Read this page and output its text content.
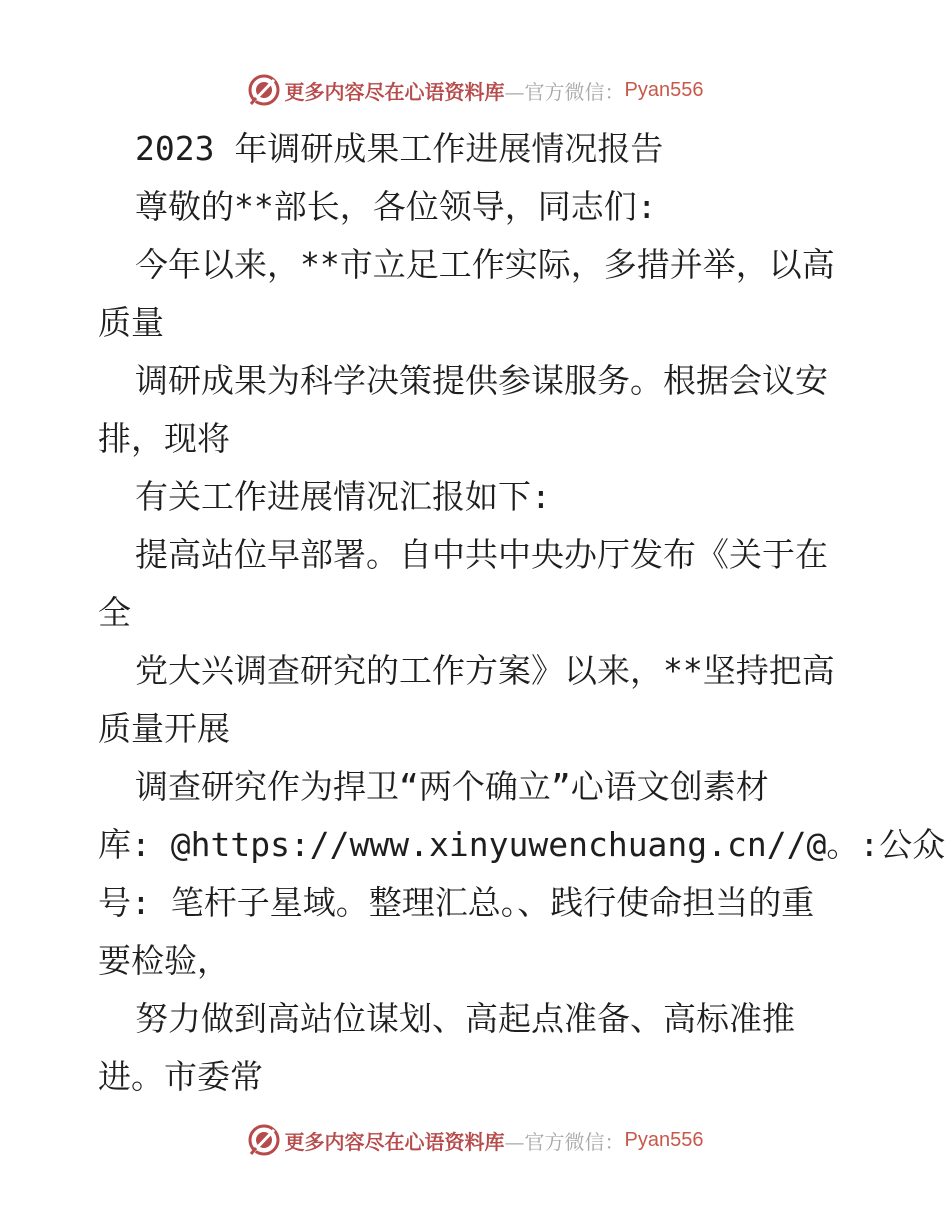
更多内容尽在心语资料库 —官方微信： Pyan556
2023 年调研成果工作进展情况报告
尊敬的**部长，各位领导，同志们:
今年以来，**市立足工作实际，多措并举，以高
质量
调研成果为科学决策提供参谋服务。根据会议安
排，现将
有关工作进展情况汇报如下:
提高站位早部署。自中共中央办厅发布《关于在
全
党大兴调查研究的工作方案》以来，**坚持把高
质量开展
调查研究作为捍卫“两个确立”心语文创素材
库: @https://www.xinyuwenchuang.cn//@。:公众
号: 笔杆子星域。整理汇总。、践行使命担当的重
要检验，
努力做到高站位谋划、高起点准备、高标准推
进。市委常
更多内容尽在心语资料库 —官方微信： Pyan556
